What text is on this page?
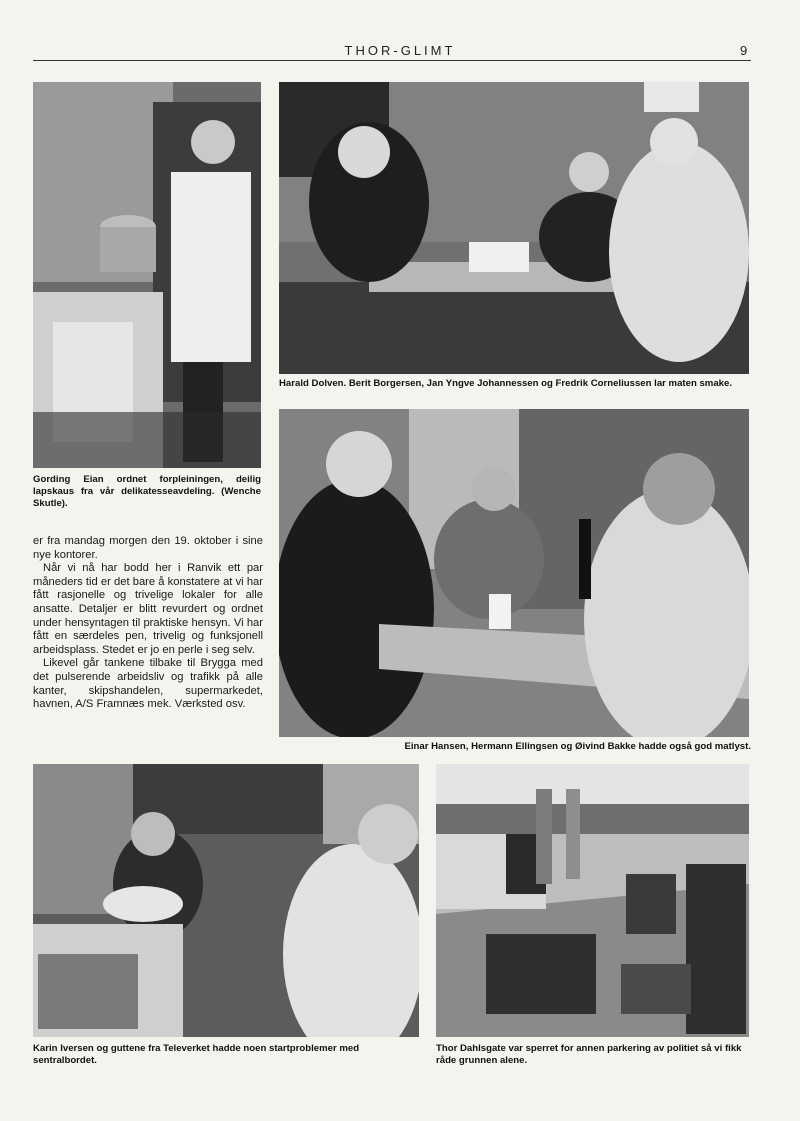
THOR-GLIMT	9
Gording Eian ordnet forpleiningen, deilig lapskaus fra vår delikatesseavdeling. (Wenche Skutle).
Harald Dolven. Berit Borgersen, Jan Yngve Johannessen og Fredrik Corneliussen lar maten smake.
Einar Hansen, Hermann Ellingsen og Øivind Bakke hadde også god matlyst.

er fra mandag morgen den 19. oktober i sine nye kontorer.

Når vi nå har bodd her i Ranvik ett par måneders tid er det bare å konstatere at vi har fått rasjonelle og trivelige lokaler for alle ansatte. Detaljer er blitt revurdert og ordnet under hensyntagen til praktiske hensyn. Vi har fått en særdeles pen, trivelig og funksjonell arbeidsplass. Stedet er jo en perle i seg selv.

Likevel går tankene tilbake til Brygga med det pulserende arbeidsliv og trafikk på alle kanter, skipshandelen, supermarkedet, havnen, A/S Framnæs mek. Værksted osv.

Karin Iversen og guttene fra Televerket hadde noen startproblemer med sentralbordet.
Thor Dahlsgate var sperret for annen parkering av politiet så vi fikk råde grunnen alene.
